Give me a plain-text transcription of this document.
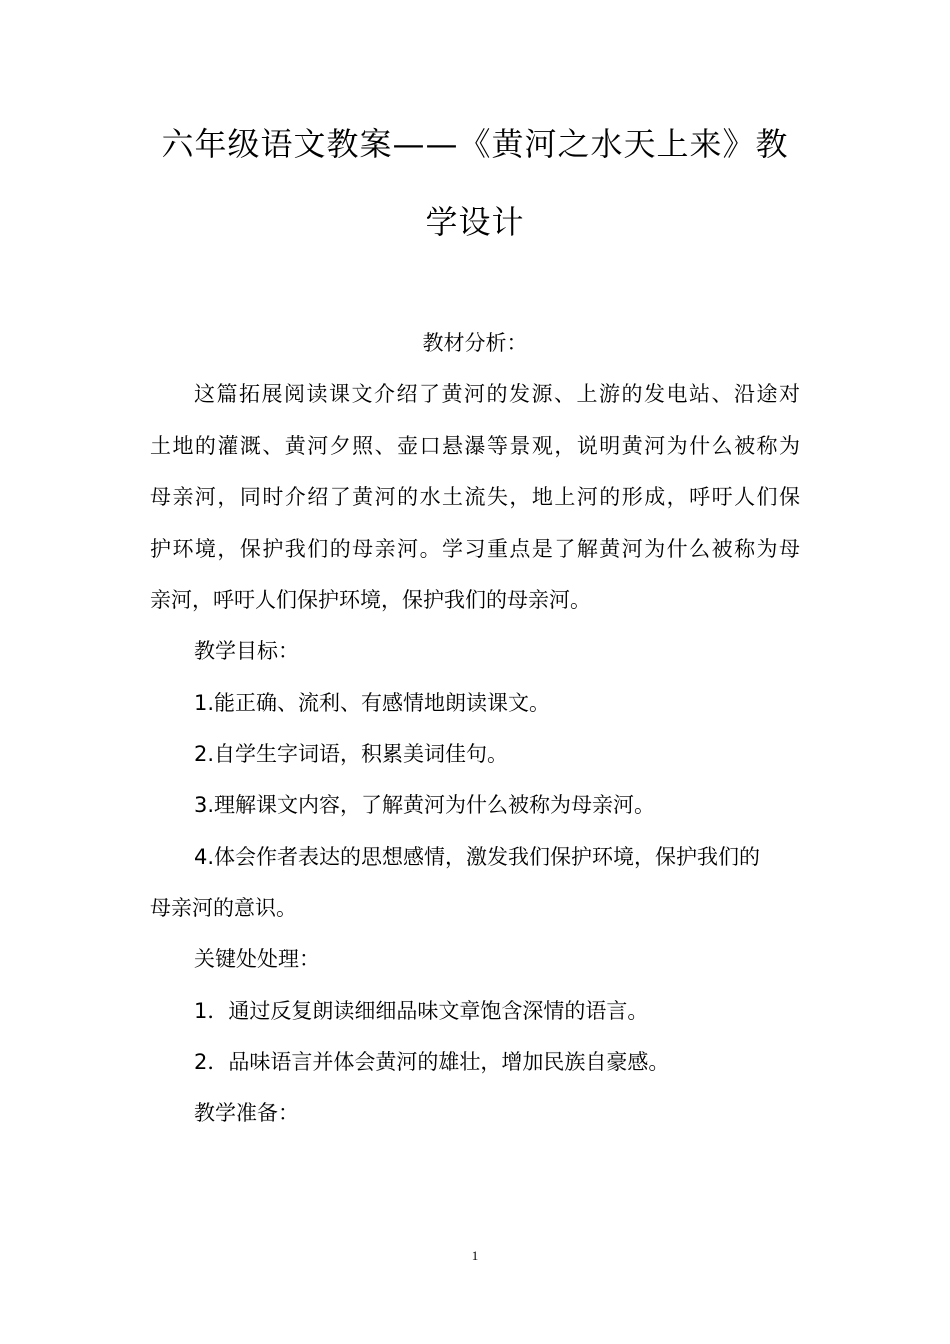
六年级语文教案——《黄河之水天上来》教
学设计

教材分析：

这篇拓展阅读课文介绍了黄河的发源、上游的发电站、沿途对

土地的灌溉、黄河夕照、壶口悬瀑等景观，说明黄河为什么被称为

母亲河，同时介绍了黄河的水土流失，地上河的形成，呼吁人们保

护环境，保护我们的母亲河。学习重点是了解黄河为什么被称为母

亲河，呼吁人们保护环境，保护我们的母亲河。

教学目标：

1.能正确、流利、有感情地朗读课文。

2.自学生字词语，积累美词佳句。

3.理解课文内容，了解黄河为什么被称为母亲河。

4.体会作者表达的思想感情，激发我们保护环境，保护我们的

母亲河的意识。

关键处处理：

1．通过反复朗读细细品味文章饱含深情的语言。

2．品味语言并体会黄河的雄壮，增加民族自豪感。

教学准备：

1
